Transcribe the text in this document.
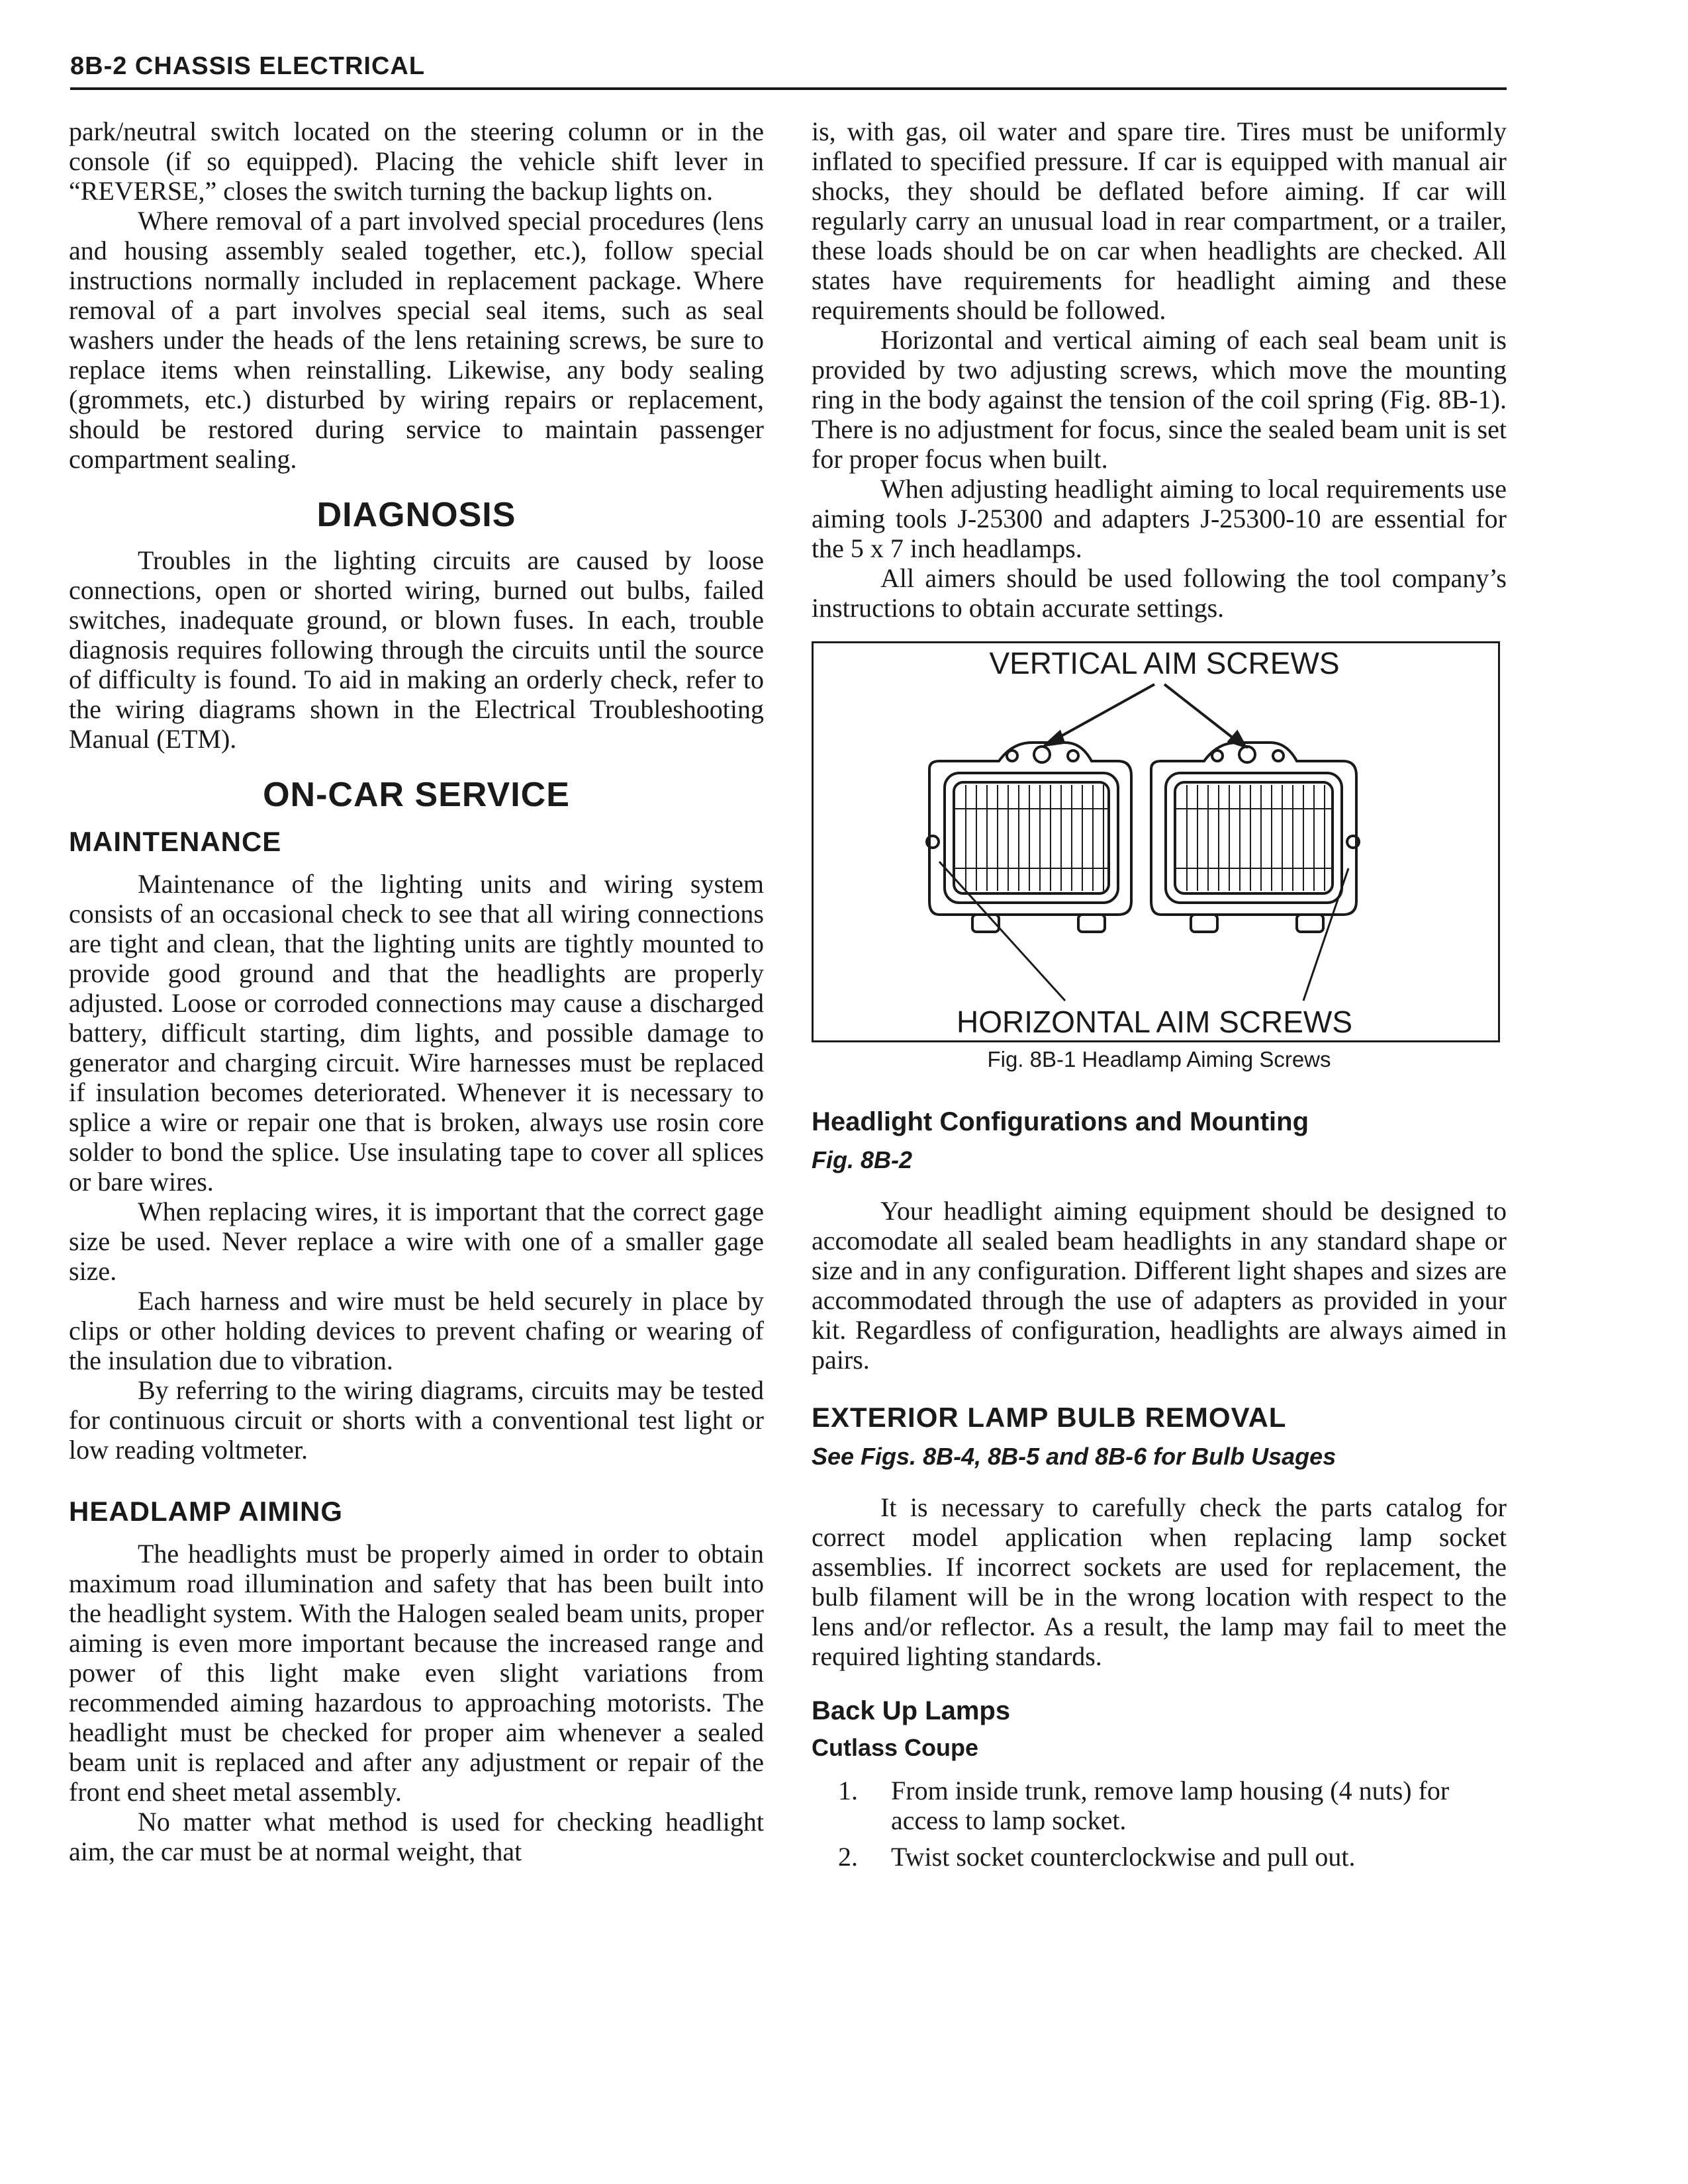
8B-2 CHASSIS ELECTRICAL

park/neutral switch located on the steering column or in the console (if so equipped). Placing the vehicle shift lever in “REVERSE,” closes the switch turning the backup lights on.

Where removal of a part involved special procedures (lens and housing assembly sealed together, etc.), follow special instructions normally included in replacement package. Where removal of a part involves special seal items, such as seal washers under the heads of the lens retaining screws, be sure to replace items when reinstalling. Likewise, any body sealing (grommets, etc.) disturbed by wiring repairs or replacement, should be restored during service to maintain passenger compartment sealing.

DIAGNOSIS

Troubles in the lighting circuits are caused by loose connections, open or shorted wiring, burned out bulbs, failed switches, inadequate ground, or blown fuses. In each, trouble diagnosis requires following through the circuits until the source of difficulty is found. To aid in making an orderly check, refer to the wiring diagrams shown in the Electrical Troubleshooting Manual (ETM).

ON-CAR SERVICE
MAINTENANCE

Maintenance of the lighting units and wiring system consists of an occasional check to see that all wiring connections are tight and clean, that the lighting units are tightly mounted to provide good ground and that the headlights are properly adjusted. Loose or corroded connections may cause a discharged battery, difficult starting, dim lights, and possible damage to generator and charging circuit. Wire harnesses must be replaced if insulation becomes deteriorated. Whenever it is necessary to splice a wire or repair one that is broken, always use rosin core solder to bond the splice. Use insulating tape to cover all splices or bare wires.

When replacing wires, it is important that the correct gage size be used. Never replace a wire with one of a smaller gage size.

Each harness and wire must be held securely in place by clips or other holding devices to prevent chafing or wearing of the insulation due to vibration.

By referring to the wiring diagrams, circuits may be tested for continuous circuit or shorts with a conventional test light or low reading voltmeter.

HEADLAMP AIMING

The headlights must be properly aimed in order to obtain maximum road illumination and safety that has been built into the headlight system. With the Halogen sealed beam units, proper aiming is even more important because the increased range and power of this light make even slight variations from recommended aiming hazardous to approaching motorists. The headlight must be checked for proper aim whenever a sealed beam unit is replaced and after any adjustment or repair of the front end sheet metal assembly.

No matter what method is used for checking headlight aim, the car must be at normal weight, that

is, with gas, oil water and spare tire. Tires must be uniformly inflated to specified pressure. If car is equipped with manual air shocks, they should be deflated before aiming. If car will regularly carry an unusual load in rear compartment, or a trailer, these loads should be on car when headlights are checked. All states have requirements for headlight aiming and these requirements should be followed.

Horizontal and vertical aiming of each seal beam unit is provided by two adjusting screws, which move the mounting ring in the body against the tension of the coil spring (Fig. 8B-1). There is no adjustment for focus, since the sealed beam unit is set for proper focus when built.

When adjusting headlight aiming to local requirements use aiming tools J-25300 and adapters J-25300-10 are essential for the 5 x 7 inch headlamps.

All aimers should be used following the tool company’s instructions to obtain accurate settings.

VERTICAL AIM SCREWS
HORIZONTAL AIM SCREWS
Fig. 8B-1 Headlamp Aiming Screws
Headlight Configurations and Mounting
Fig. 8B-2

Your headlight aiming equipment should be designed to accomodate all sealed beam headlights in any standard shape or size and in any configuration. Different light shapes and sizes are accommodated through the use of adapters as provided in your kit. Regardless of configuration, headlights are always aimed in pairs.

EXTERIOR LAMP BULB REMOVAL
See Figs. 8B-4, 8B-5 and 8B-6 for Bulb Usages

It is necessary to carefully check the parts catalog for correct model application when replacing lamp socket assemblies. If incorrect sockets are used for replacement, the bulb filament will be in the wrong location with respect to the lens and/or reflector. As a result, the lamp may fail to meet the required lighting standards.

Back Up Lamps
Cutlass Coupe
1.	From inside trunk, remove lamp housing (4 nuts) for access to lamp socket.
2.	Twist socket counterclockwise and pull out.
